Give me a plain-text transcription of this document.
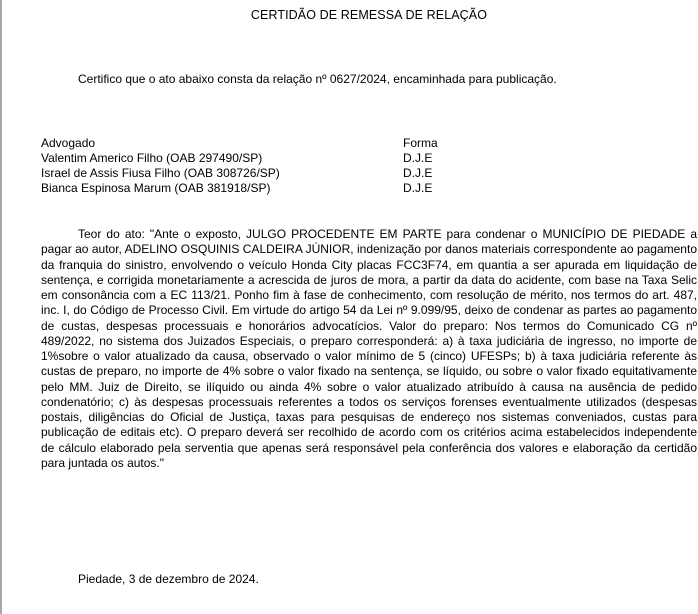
CERTIDÃO DE REMESSA DE RELAÇÃO
Certifico que o ato abaixo consta da relação nº 0627/2024, encaminhada para publicação.
Advogado	Forma
Valentim Americo Filho (OAB 297490/SP)	D.J.E
Israel de Assis Fiusa Filho (OAB 308726/SP)	D.J.E
Bianca Espinosa Marum (OAB 381918/SP)	D.J.E

Teor do ato: "Ante o exposto, JULGO PROCEDENTE EM PARTE para condenar o MUNICÍPIO DE PIEDADE a pagar ao autor, ADELINO OSQUINIS CALDEIRA JÚNIOR, indenização por danos materiais correspondente ao pagamento da franquia do sinistro, envolvendo o veículo Honda City placas FCC3F74, em quantia a ser apurada em liquidação de sentença, e corrigida monetariamente a acrescida de juros de mora, a partir da data do acidente, com base na Taxa Selic em consonância com a EC 113/21. Ponho fim à fase de conhecimento, com resolução de mérito, nos termos do art. 487, inc. I, do Código de Processo Civil. Em virtude do artigo 54 da Lei nº 9.099/95, deixo de condenar as partes ao pagamento de custas, despesas processuais e honorários advocatícios. Valor do preparo: Nos termos do Comunicado CG nº 489/2022, no sistema dos Juizados Especiais, o preparo corresponderá: a) à taxa judiciária de ingresso, no importe de 1%sobre o valor atualizado da causa, observado o valor mínimo de 5 (cinco) UFESPs; b) à taxa judiciária referente às custas de preparo, no importe de 4% sobre o valor fixado na sentença, se líquido, ou sobre o valor fixado equitativamente pelo MM. Juiz de Direito, se ilíquido ou ainda 4% sobre o valor atualizado atribuído à causa na ausência de pedido condenatório; c) às despesas processuais referentes a todos os serviços forenses eventualmente utilizados (despesas postais, diligências do Oficial de Justiça, taxas para pesquisas de endereço nos sistemas conveniados, custas para publicação de editais etc). O preparo deverá ser recolhido de acordo com os critérios acima estabelecidos independente de cálculo elaborado pela serventia que apenas será responsável pela conferência dos valores e elaboração da certidão para juntada os autos."

Piedade, 3 de dezembro de 2024.
